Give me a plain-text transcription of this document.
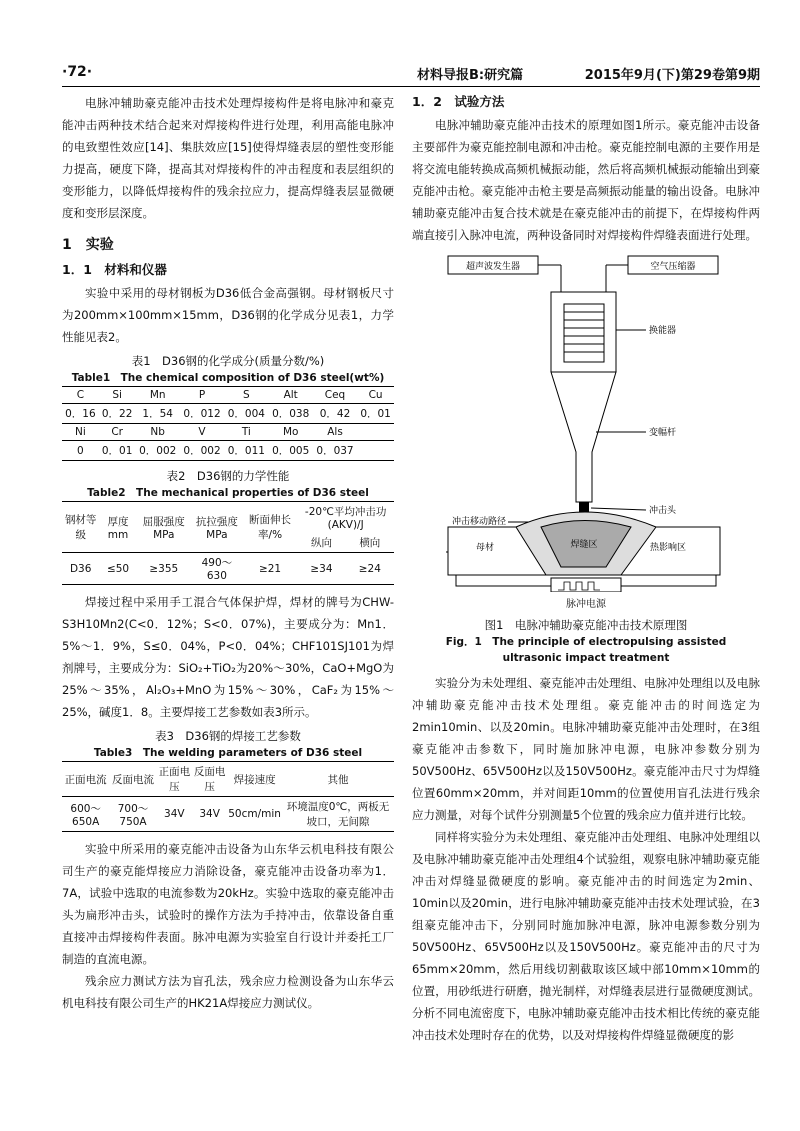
·72·	材料导报B:研究篇	2015年9月(下)第29卷第9期

电脉冲辅助豪克能冲击技术处理焊接构件是将电脉冲和豪克能冲击两种技术结合起来对焊接构件进行处理，利用高能电脉冲的电致塑性效应[14]、集肤效应[15]使得焊缝表层的塑性变形能力提高，硬度下降，提高其对焊接构件的冲击程度和表层组织的变形能力，以降低焊接构件的残余拉应力，提高焊缝表层显微硬度和变形层深度。

1　实验
1．1　材料和仪器

实验中采用的母材钢板为D36低合金高强钢。母材钢板尺寸为200mm×100mm×15mm，D36钢的化学成分见表1，力学性能见表2。

表1　D36钢的化学成分(质量分数/%)
Table1　The chemical composition of D36 steel(wt%)
C	Si	Mn	P	S	Alt	Ceq	Cu
0．16	0．22	1．54	0．012	0．004	0．038	0．42	0．01
Ni	Cr	Nb	V	Ti	Mo	Als	
0	0．01	0．002	0．002	0．011	0．005	0．037	
表2　D36钢的力学性能
Table2　The mechanical properties of D36 steel
钢材等级	厚度mm	屈服强度MPa	抗拉强度MPa	断面伸长率/%	-20℃平均冲击功(AKV)/J	
					纵向	横向
D36	≤50	≥355	490～630	≥21	≥34	≥24

焊接过程中采用手工混合气体保护焊，焊材的牌号为CHW-S3H10Mn2(C<0．12%；S<0．07%)，主要成分为：Mn1．5%～1．9%，S≤0．04%，P<0．04%；CHF101SJ101为焊剂牌号，主要成分为：SiO₂+TiO₂为20%～30%，CaO+MgO为25%～35%，Al₂O₃+MnO为15%～30%，CaF₂为15%～25%，碱度1．8。主要焊接工艺参数如表3所示。

表3　D36钢的焊接工艺参数
Table3　The welding parameters of D36 steel
正面电流	反面电流	正面电压	反面电压	焊接速度	其他
600～650A	700～750A	34V	34V	50cm/min	环境温度0℃，两板无坡口，无间隙

实验中所采用的豪克能冲击设备为山东华云机电科技有限公司生产的豪克能焊接应力消除设备，豪克能冲击设备功率为1．7A，试验中选取的电流参数为20kHz。实验中选取的豪克能冲击头为扁形冲击头，试验时的操作方法为手持冲击，依靠设备自重直接冲击焊接构件表面。脉冲电源为实验室自行设计并委托工厂制造的直流电源。

残余应力测试方法为盲孔法，残余应力检测设备为山东华云机电科技有限公司生产的HK21A焊接应力测试仪。

1．2　试验方法

电脉冲辅助豪克能冲击技术的原理如图1所示。豪克能冲击设备主要部件为豪克能控制电源和冲击枪。豪克能控制电源的主要作用是将交流电能转换成高频机械振动能，然后将高频机械振动能输出到豪克能冲击枪。豪克能冲击枪主要是高频振动能量的输出设备。电脉冲辅助豪克能冲击复合技术就是在豪克能冲击的前提下，在焊接构件两端直接引入脉冲电流，两种设备同时对焊接构件焊缝表面进行处理。

超声波发生器	空气压缩器
换能器
变幅杆
冲击头
冲击移动路径
焊缝区	热影响区
母材
脉冲电源
图1　电脉冲辅助豪克能冲击技术原理图
Fig．1　The principle of electropulsing assisted
ultrasonic impact treatment

实验分为未处理组、豪克能冲击处理组、电脉冲处理组以及电脉冲辅助豪克能冲击技术处理组。豪克能冲击的时间选定为2min10min、以及20min。电脉冲辅助豪克能冲击处理时，在3组豪克能冲击参数下，同时施加脉冲电源，电脉冲参数分别为50V500Hz、65V500Hz以及150V500Hz。豪克能冲击尺寸为焊缝位置60mm×20mm，并对间距10mm的位置使用盲孔法进行残余应力测量，对每个试件分别测量5个位置的残余应力值并进行比较。

同样将实验分为未处理组、豪克能冲击处理组、电脉冲处理组以及电脉冲辅助豪克能冲击处理组4个试验组，观察电脉冲辅助豪克能冲击对焊缝显微硬度的影响。豪克能冲击的时间选定为2min、10min以及20min，进行电脉冲辅助豪克能冲击技术处理试验，在3组豪克能冲击下，分别同时施加脉冲电源，脉冲电源参数分别为50V500Hz、65V500Hz以及150V500Hz。豪克能冲击的尺寸为65mm×20mm，然后用线切割截取该区域中部10mm×10mm的位置，用砂纸进行研磨，抛光制样，对焊缝表层进行显微硬度测试。分析不同电流密度下，电脉冲辅助豪克能冲击技术相比传统的豪克能冲击技术处理时存在的优势，以及对焊接构件焊缝显微硬度的影
